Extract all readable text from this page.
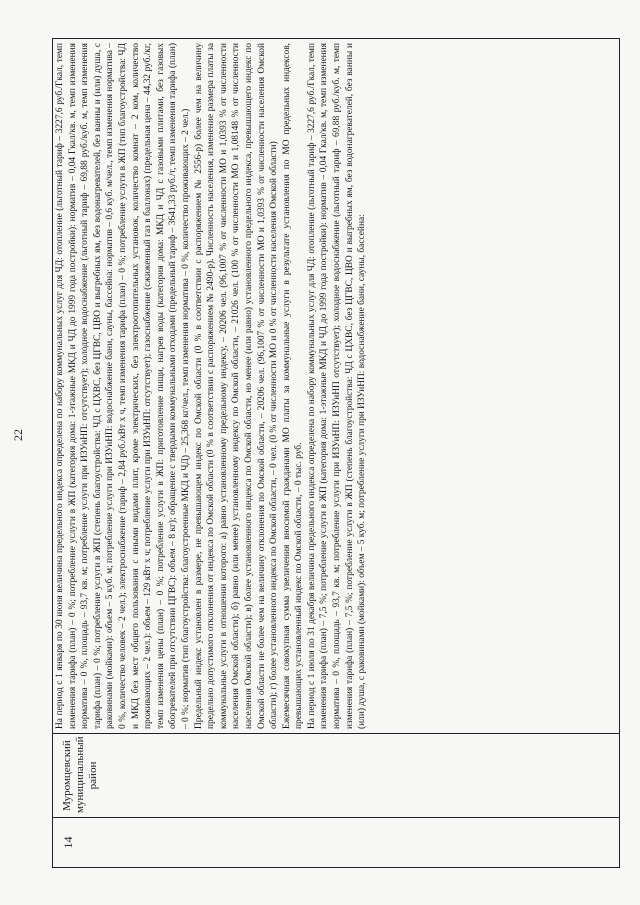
22
14
Муромцевский муниципальный район

На период с 1 января по 30 июня величина предельного индекса определена по набору коммунальных услуг для ЧД: отопление (льготный тариф – 3227,6 руб./Гкал, темп изменения тарифа (план) – 0 %; потребление услуги в ЖП (категория дома: 1-этажные МКД и ЧД до 1999 года постройки): норматив – 0,04 Гкал/кв. м, темп изменения норматива – 0 %, площадь – 93,7 кв. м; потребление услуги при ИЗУиНП: отсутствует); холодное водоснабжение (льготный тариф – 69,88 руб./куб. м, темп изменения тарифа (план) – 0 %; потребление услуги в ЖП (степень благоустройства: ЧД с ЦХВС, без ЦГВС, ЦВО и выгребных ям, без водонагревателей, без ванны и (или) душа, с раковинами (мойками): объем – 5 куб. м; потребление услуги при ИЗУиНП: водоснабжение бани, сауны, бассейна: норматив – 0,6 куб. м/чел., темп изменения норматива – 0 %, количество человек – 2 чел.); электроснабжение (тариф – 2,84 руб./кВт х ч, темп изменения тарифа (план) – 0 %; потребление услуги в ЖП (тип благоустройства: ЧД и МКД без мест общего пользования с иными видами плит, кроме электрических, без электроотопительных установок, количество комнат – 2 ком, количество проживающих – 2 чел.): объем – 129 кВт х ч; потребление услуги при ИЗУиНП: отсутствует); газоснабжение (сжиженный газ в баллонах) (предельная цена – 44,32 руб./кг, темп изменения цены (план) – 0 %; потребление услуги в ЖП: приготовление пищи, нагрев воды (категория дома: МКД и ЧД с газовыми плитами, без газовых обогревателей при отсутствии ЦГВС): объем – 8 кг); обращение с твердыми коммунальными отходами (предельный тариф – 3641,33 руб./т, темп изменения тарифа (план) – 0 %; норматив (тип благоустройства: благоустроенные МКД и ЧД) – 25,368 кг/чел., темп изменения норматива – 0 %, количество проживающих – 2 чел.) Предельный индекс установлен в размере, не превышающем индекс по Омской области (0 % в соответствии с распоряжением № 2556-р) более чем на величину предельно допустимого отклонения от индекса по Омской области (0 % в соответствии с распоряжением № 2490-р). Численность населения, изменение размера платы за коммунальные услуги в отношении которого: а) равно установленному предельному индексу, – 20206 чел. (96,1007 % от численности МО и 1,0393 % от численности населения Омской области); б) равно (или менее) установленному индексу по Омской области, – 21026 чел. (100 % от численности МО и 1,08148 % от численности населения Омской области); в) более установленного индекса по Омской области, но менее (или равно) установленного предельного индекса, превышающего индекс по Омской области не более чем на величину отклонения по Омской области, – 20206 чел. (96,1007 % от численности МО и 1,0393 % от численности населения Омской области); г) более установленного индекса по Омской области, – 0 чел. (0 % от численности МО и 0 % от численности населения Омской области) Ежемесячная совокупная сумма увеличения вносимой гражданами МО платы за коммунальные услуги в результате установления по МО предельных индексов, превышающих установленный индекс по Омской области, – 0 тыс. руб. На период с 1 июля по 31 декабря величина предельного индекса определена по набору коммунальных услуг для ЧД: отопление (льготный тариф – 3227,6 руб./Гкал, темп изменения тарифа (план) – 7,5 %; потребление услуги в ЖП (категория дома: 1-этажные МКД и ЧД до 1999 года постройки): норматив – 0,04 Гкал/кв. м, темп изменения норматива – 0 %, площадь – 93,7 кв. м; потребление услуги при ИЗУиНП: ИЗУиНП отсутствует); холодное водоснабжение (льготный тариф – 69,88 руб./куб. м, темп изменения тарифа (план) – 7,5 %; потребление услуги в ЖП (степень благоустройства: ЧД с ЦХВС, без ЦГВС, ЦВО и выгребных ям, без водонагревателей, без ванны и (или) душа, с раковинами (мойками): объем – 5 куб. м; потребление услуги при ИЗУиНП: водоснабжение бани, сауны, бассейна:
